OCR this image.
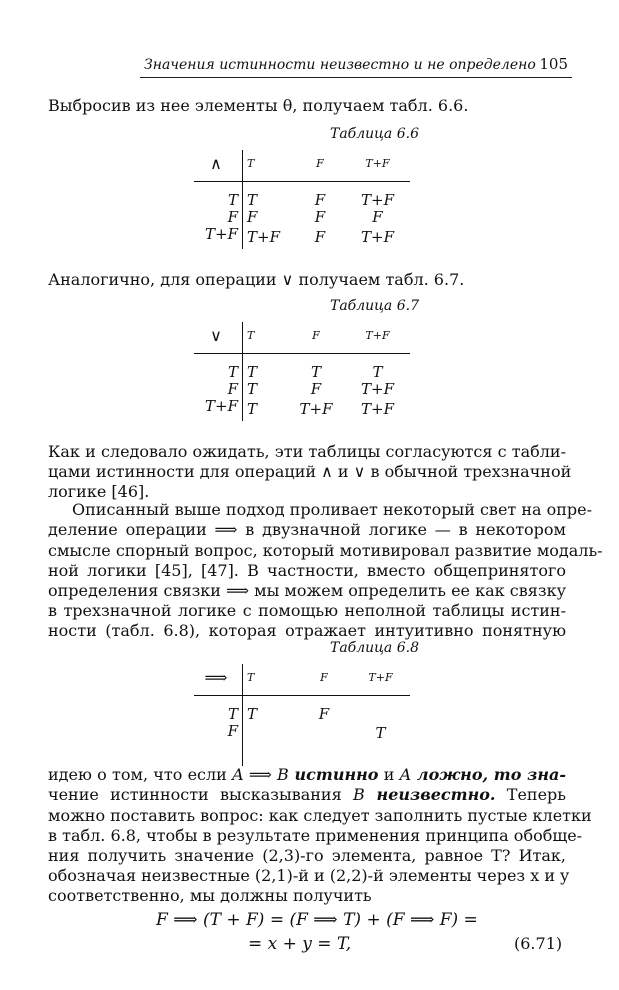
Значения истинности неизвестно и не определено 105
Выбросив из нее элементы θ, получаем табл. 6.6.
Таблица 6.6
∧	T	F	T+F
T	T	F	T+F
F	F	F	F
T+F	T+F	F	T+F
Аналогично, для операции ∨ получаем табл. 6.7.
Таблица 6.7
∨	T	F	T+F
T	T	T	T
F	T	F	T+F
T+F	T	T+F	T+F
Как и следовало ожидать, эти таблицы согласуются с табли-
цами истинности для операций ∧ и ∨ в обычной трехзначной
логике [46].
Описанный выше подход проливает некоторый свет на опре-
деление операции ⟹ в двузначной логике — в некотором
смысле спорный вопрос, который мотивировал развитие модаль-
ной логики [45], [47]. В частности, вместо общепринятого
определения связки ⟹ мы можем определить ее как связку
в трехзначной логике с помощью неполной таблицы истин-
ности (табл. 6.8), которая отражает интуитивно понятную
Таблица 6.8
⟹	T	F	T+F
T	T	F	
F			T
идею о том, что если A ⟹ B истинно и A ложно, то зна-
чение истинности высказывания B неизвестно. Теперь
можно поставить вопрос: как следует заполнить пустые клетки
в табл. 6.8, чтобы в результате применения принципа обобще-
ния получить значение (2,3)-го элемента, равное T? Итак,
обозначая неизвестные (2,1)-й и (2,2)-й элементы через x и y
соответственно, мы должны получить
F ⟹ (T + F) = (F ⟹ T) + (F ⟹ F) =
= x + y = T,	(6.71)
